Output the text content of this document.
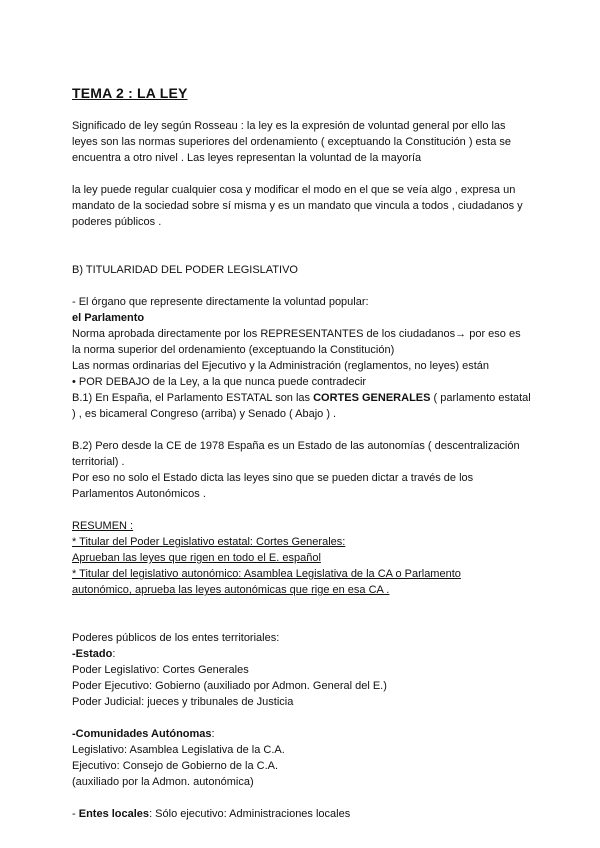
TEMA 2 : LA LEY

Significado de ley según Rosseau : la ley es la expresión de voluntad general por ello las leyes son las normas superiores del ordenamiento ( exceptuando la Constitución ) esta se encuentra a otro nivel . Las leyes representan la voluntad de la mayoría

la ley puede regular cualquier cosa y modificar el modo en el que se veía algo , expresa un mandato de la sociedad sobre sí misma y es un mandato que vincula a todos , ciudadanos y poderes públicos .

B) TITULARIDAD DEL PODER LEGISLATIVO

- El órgano que represente directamente la voluntad popular:

el Parlamento

Norma aprobada directamente por los REPRESENTANTES de los ciudadanos→ por eso es la norma superior del ordenamiento (exceptuando la Constitución)

Las normas ordinarias del Ejecutivo y la Administración (reglamentos, no leyes) están

• POR DEBAJO de la Ley, a la que nunca puede contradecir

B.1) En España, el Parlamento ESTATAL son las CORTES GENERALES ( parlamento estatal ) , es bicameral Congreso (arriba) y Senado ( Abajo ) .

B.2) Pero desde la CE de 1978 España es un Estado de las autonomías ( descentralización territorial) .

Por eso no solo el Estado dicta las leyes sino que se pueden dictar a través de los Parlamentos Autonómicos .

RESUMEN :

* Titular del Poder Legislativo estatal: Cortes Generales:

Aprueban las leyes que rigen en todo el E. español

* Titular del legislativo autonómico: Asamblea Legislativa de la CA o Parlamento

autonómico, aprueba las leyes autonómicas que rige en esa CA .

Poderes públicos de los entes territoriales:

-Estado:

Poder Legislativo: Cortes Generales

Poder Ejecutivo: Gobierno (auxiliado por Admon. General del E.)

Poder Judicial: jueces y tribunales de Justicia

-Comunidades Autónomas:

Legislativo: Asamblea Legislativa de la C.A.

Ejecutivo: Consejo de Gobierno de la C.A.

(auxiliado por la Admon. autonómica)

- Entes locales: Sólo ejecutivo: Administraciones locales
